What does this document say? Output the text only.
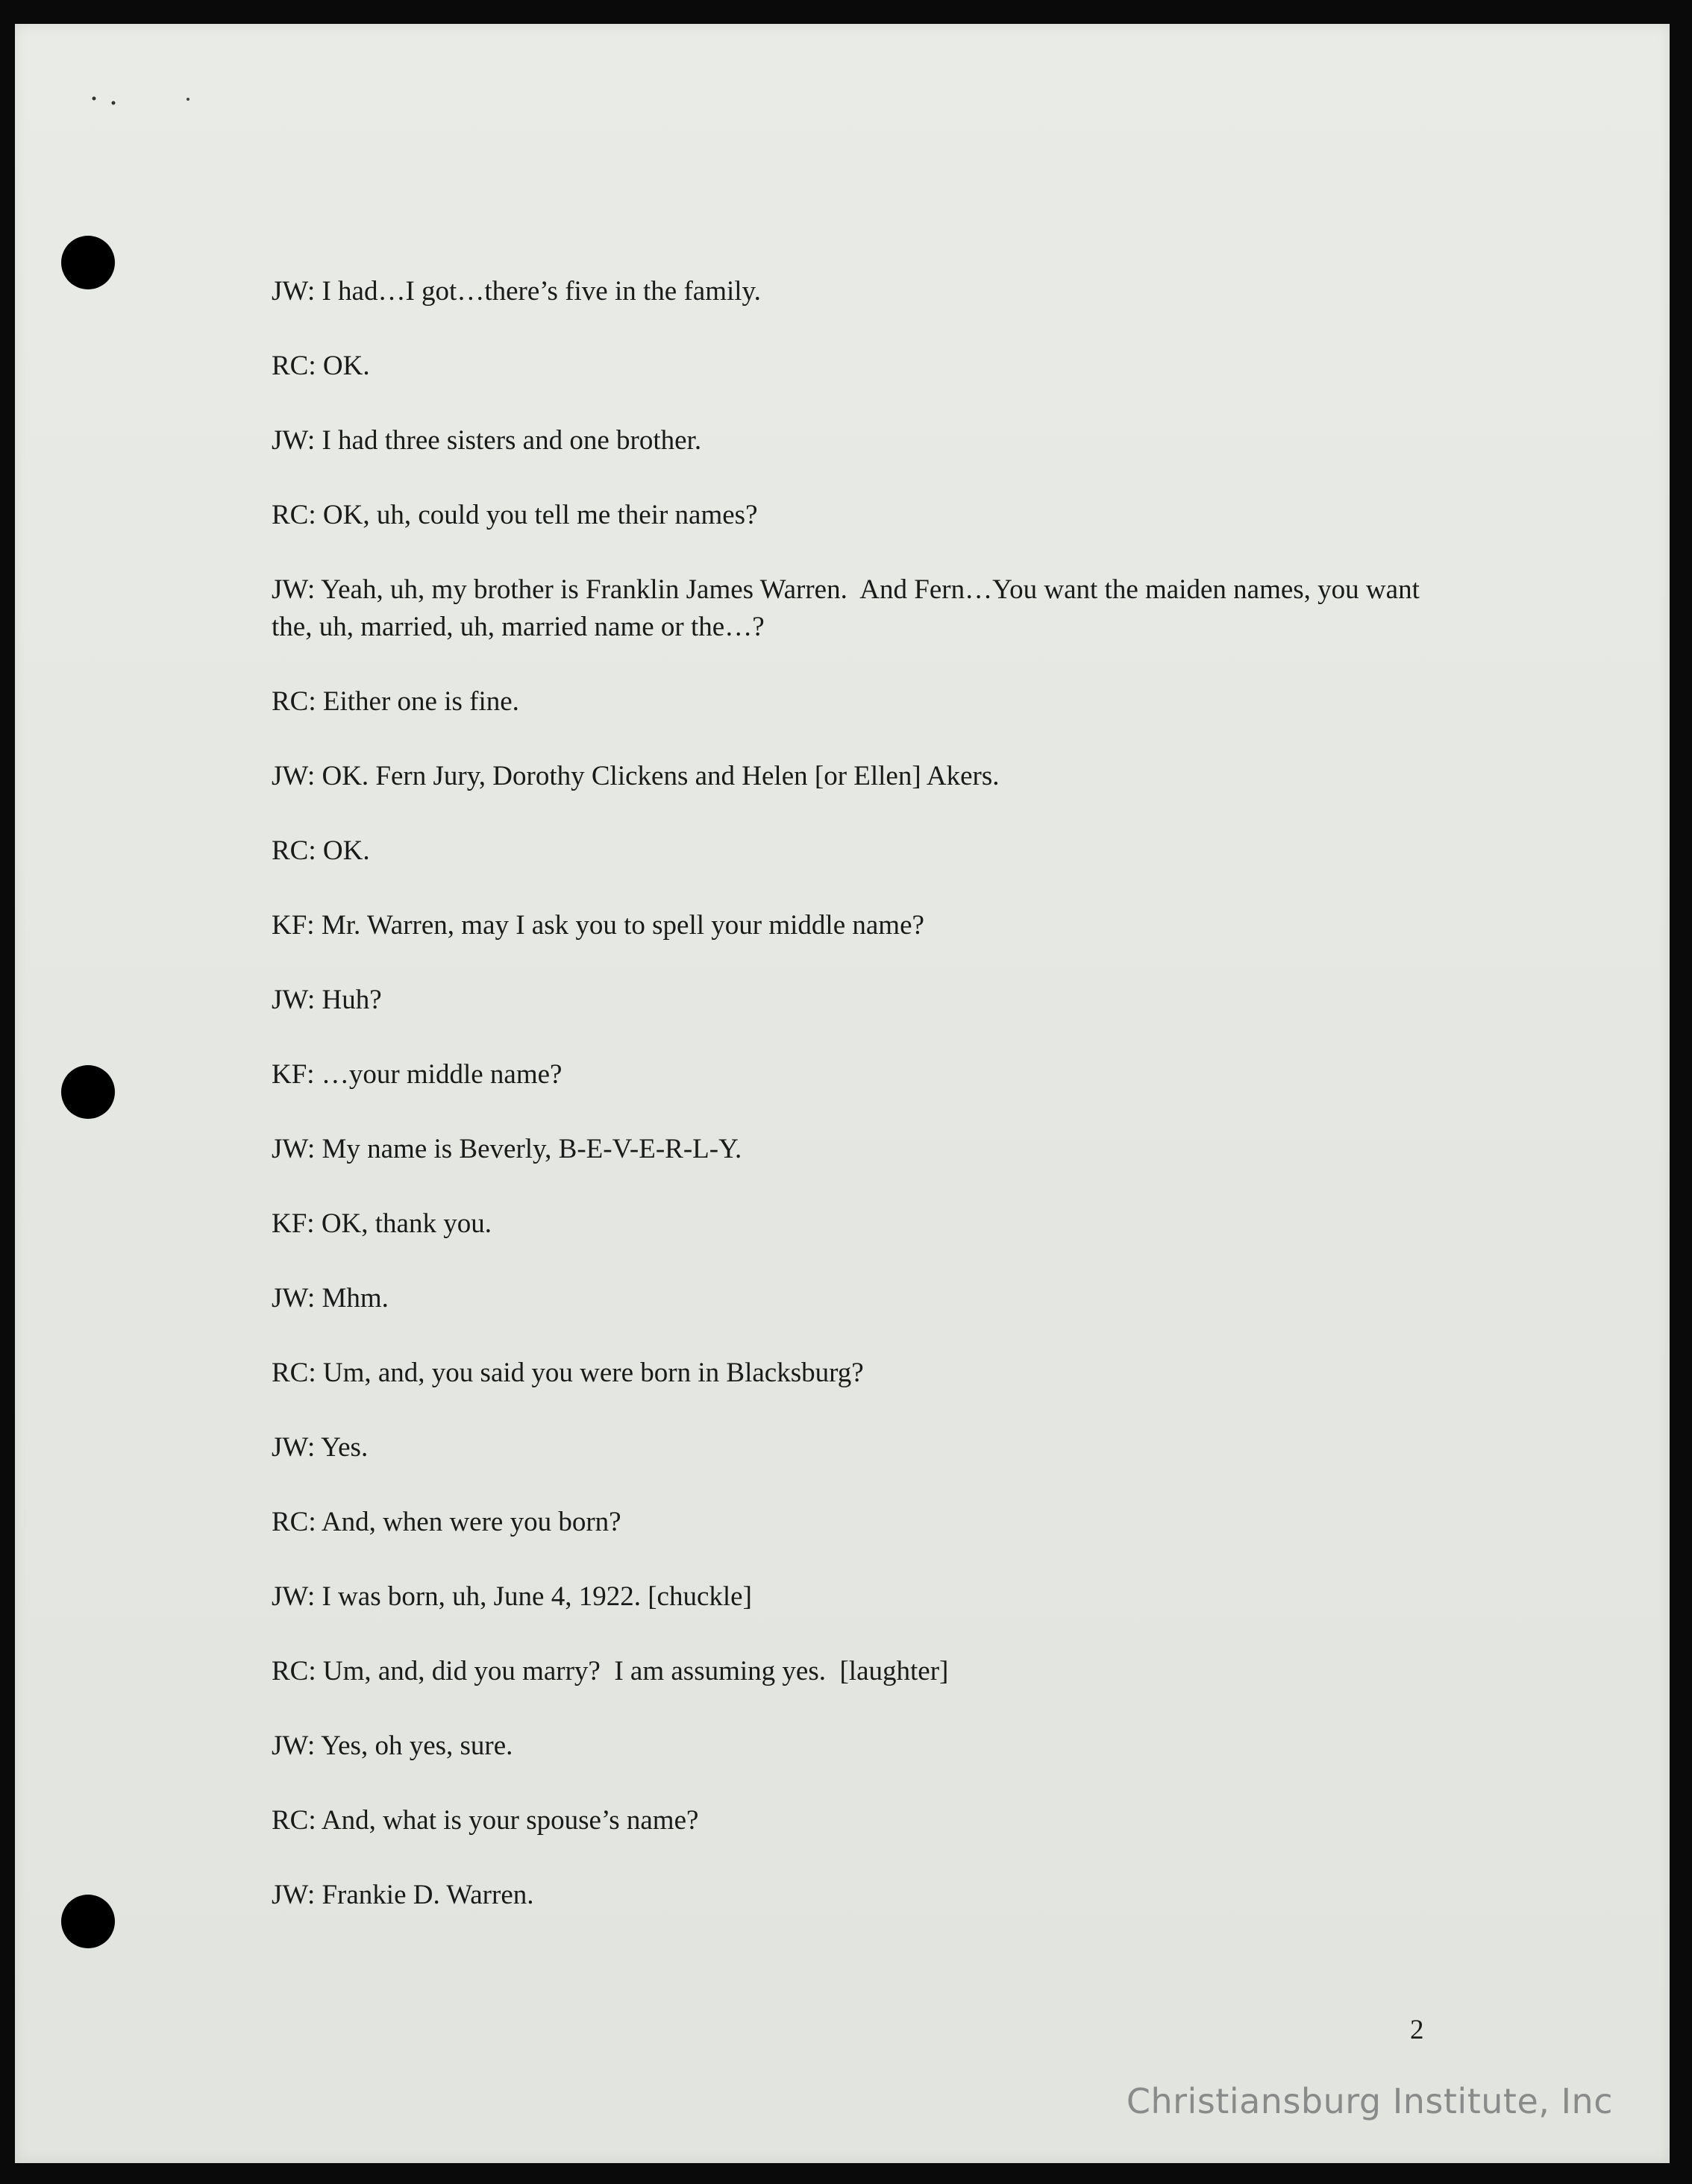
JW: I had…I got…there’s five in the family.

RC: OK.

JW: I had three sisters and one brother.

RC: OK, uh, could you tell me their names?

JW: Yeah, uh, my brother is Franklin James Warren.  And Fern…You want the maiden names, you want the, uh, married, uh, married name or the…?

RC: Either one is fine.

JW: OK. Fern Jury, Dorothy Clickens and Helen [or Ellen] Akers.

RC: OK.

KF: Mr. Warren, may I ask you to spell your middle name?

JW: Huh?

KF: …your middle name?

JW: My name is Beverly, B-E-V-E-R-L-Y.

KF: OK, thank you.

JW: Mhm.

RC: Um, and, you said you were born in Blacksburg?

JW: Yes.

RC: And, when were you born?

JW: I was born, uh, June 4, 1922. [chuckle]

RC: Um, and, did you marry?  I am assuming yes.  [laughter]

JW: Yes, oh yes, sure.

RC: And, what is your spouse’s name?

JW: Frankie D. Warren.

2
Christiansburg Institute, Inc
